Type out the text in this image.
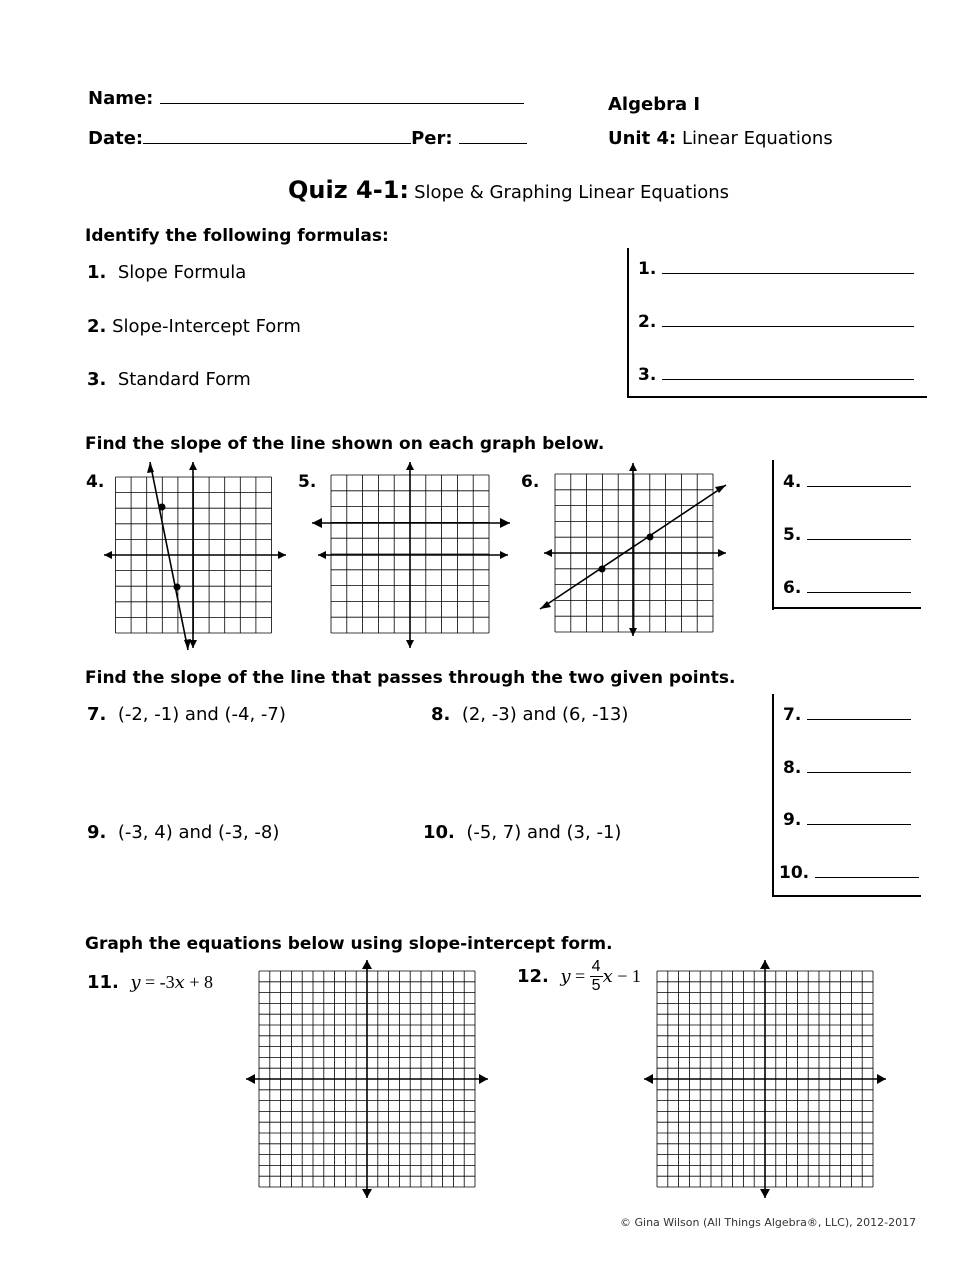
Name:
Date:	Per:
Algebra I
Unit 4: Linear Equations
Quiz 4-1: Slope & Graphing Linear Equations
Identify the following formulas:
1. Slope Formula
2. Slope-Intercept Form
3. Standard Form
1.
2.
3.
Find the slope of the line shown on each graph below.
4.	5.	6.	4.
5.
6.
Find the slope of the line that passes through the two given points.
7. (-2, -1) and (-4, -7)	8. (2, -3) and (6, -13)
9. (-3, 4) and (-3, -8)	10. (-5, 7) and (3, -1)
7.
8.
9.
10.
Graph the equations below using slope-intercept form.
11. y = -3x + 8	12. $y = \frac{4}{5}$ x − 1
© Gina Wilson (All Things Algebra®, LLC), 2012-2017
